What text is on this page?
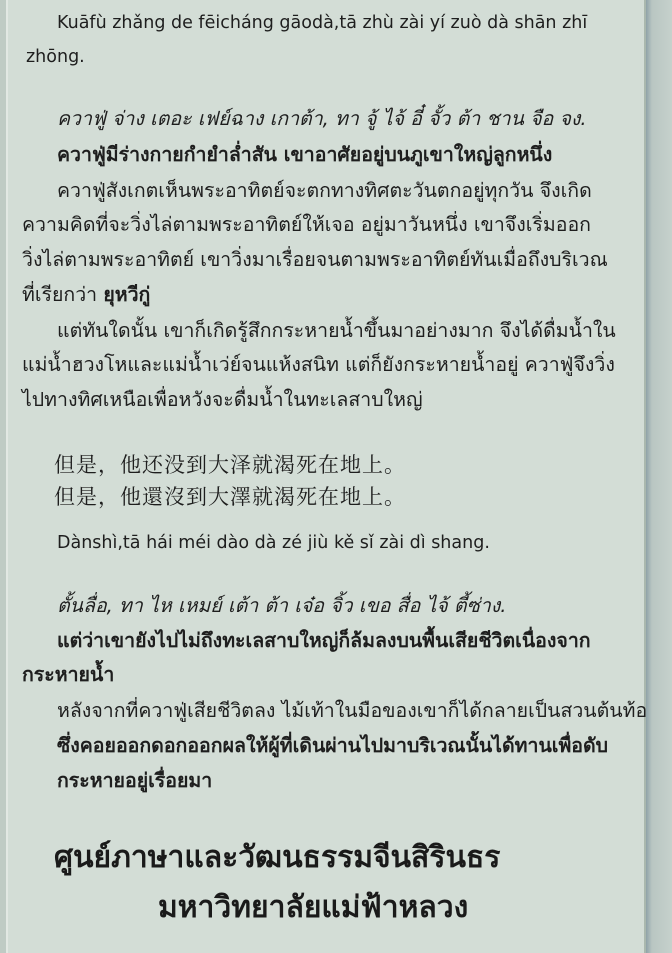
Kuāfù zhǎng de fēicháng gāodà,tā zhù zài yí zuò dà shān zhī
zhōng.
ควาฟู่ จ่าง เตอะ เฟย์ฉาง เกาต้า, ทา จู้ ไจ้ อี๋ จั้ว ต้า ชาน จือ จง.
ควาฟู่มีร่างกายกำยำล่ำสัน เขาอาศัยอยู่บนภูเขาใหญ่ลูกหนึ่ง
ควาฟู่สังเกตเห็นพระอาทิตย์จะตกทางทิศตะวันตกอยู่ทุกวัน จึงเกิด
ความคิดที่จะวิ่งไล่ตามพระอาทิตย์ให้เจอ อยู่มาวันหนึ่ง เขาจึงเริ่มออก
วิ่งไล่ตามพระอาทิตย์ เขาวิ่งมาเรื่อยจนตามพระอาทิตย์ทันเมื่อถึงบริเวณ
ที่เรียกว่า ยุหวีกู่
แต่ทันใดนั้น เขาก็เกิดรู้สึกกระหายน้ำขึ้นมาอย่างมาก จึงได้ดื่มน้ำใน
แม่น้ำฮวงโหและแม่น้ำเว่ย์จนแห้งสนิท แต่ก็ยังกระหายน้ำอยู่ ควาฟู่จึงวิ่ง
ไปทางทิศเหนือเพื่อหวังจะดื่มน้ำในทะเลสาบใหญ่
但是，他还没到大泽就渴死在地上。
但是，他還沒到大澤就渴死在地上。
Dànshì,tā hái méi dào dà zé jiù kě sǐ zài dì shang.
ตั้นลื่อ, ทา ไห เหมย์ เต้า ต้า เจ๋อ จิ้ว เขอ สื่อ ไจ้ ตี้ซ่าง.
แต่ว่าเขายังไปไม่ถึงทะเลสาบใหญ่ก็ล้มลงบนพื้นเสียชีวิตเนื่องจาก
กระหายน้ำ
หลังจากที่ควาฟู่เสียชีวิตลง ไม้เท้าในมือของเขาก็ได้กลายเป็นสวนต้นท้อ
ซึ่งคอยออกดอกออกผลให้ผู้ที่เดินผ่านไปมาบริเวณนั้นได้ทานเพื่อดับ
กระหายอยู่เรื่อยมา
ศูนย์ภาษาและวัฒนธรรมจีนสิรินธร
มหาวิทยาลัยแม่ฟ้าหลวง
